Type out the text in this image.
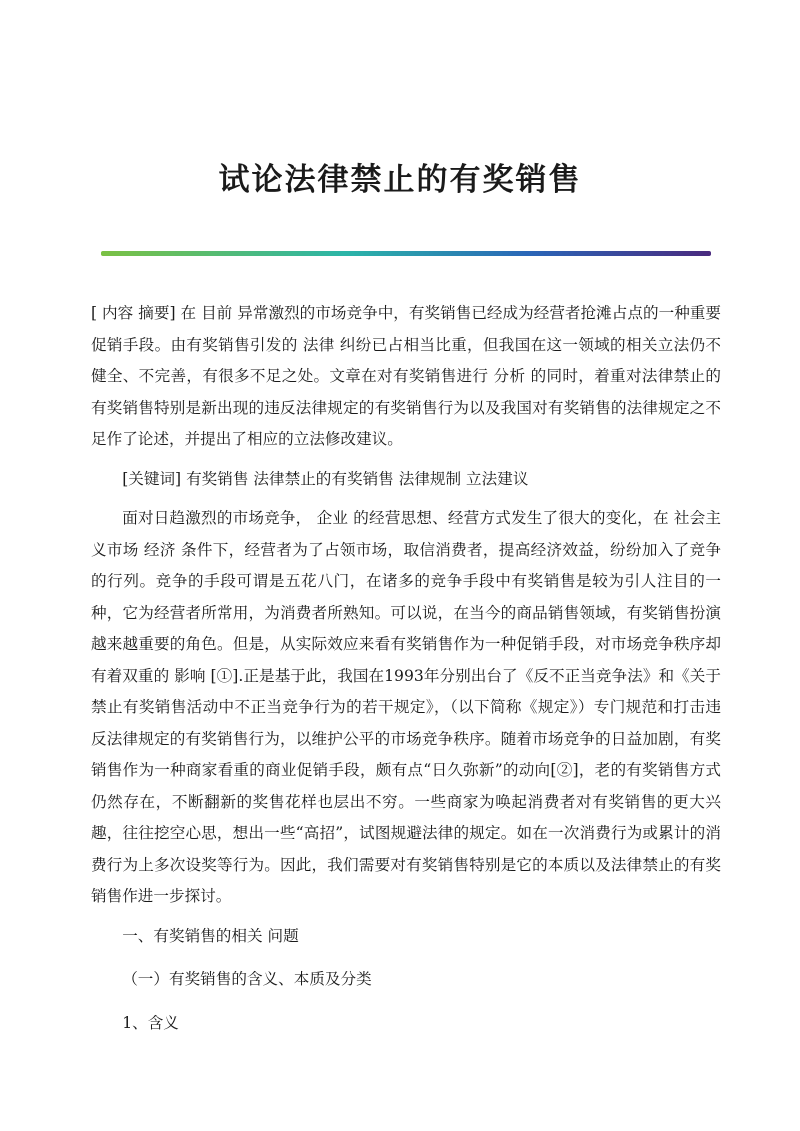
试论法律禁止的有奖销售

[ 内容 摘要] 在 目前 异常激烈的市场竞争中，有奖销售已经成为经营者抢滩占点的一种重要促销手段。由有奖销售引发的 法律 纠纷已占相当比重，但我国在这一领域的相关立法仍不健全、不完善，有很多不足之处。文章在对有奖销售进行 分析 的同时，着重对法律禁止的有奖销售特别是新出现的违反法律规定的有奖销售行为以及我国对有奖销售的法律规定之不足作了论述，并提出了相应的立法修改建议。

[关键词] 有奖销售 法律禁止的有奖销售 法律规制 立法建议

面对日趋激烈的市场竞争， 企业 的经营思想、经营方式发生了很大的变化，在 社会主义市场 经济 条件下，经营者为了占领市场，取信消费者，提高经济效益，纷纷加入了竞争的行列。竞争的手段可谓是五花八门，在诸多的竞争手段中有奖销售是较为引人注目的一种，它为经营者所常用，为消费者所熟知。可以说，在当今的商品销售领域，有奖销售扮演越来越重要的角色。但是，从实际效应来看有奖销售作为一种促销手段，对市场竞争秩序却有着双重的 影响 [①].正是基于此，我国在1993年分别出台了《反不正当竞争法》和《关于禁止有奖销售活动中不正当竞争行为的若干规定》，（以下简称《规定》）专门规范和打击违反法律规定的有奖销售行为，以维护公平的市场竞争秩序。随着市场竞争的日益加剧，有奖销售作为一种商家看重的商业促销手段，颇有点“日久弥新”的动向[②]，老的有奖销售方式仍然存在，不断翻新的奖售花样也层出不穷。一些商家为唤起消费者对有奖销售的更大兴趣，往往挖空心思，想出一些“高招”，试图规避法律的规定。如在一次消费行为或累计的消费行为上多次设奖等行为。因此，我们需要对有奖销售特别是它的本质以及法律禁止的有奖销售作进一步探讨。

一、有奖销售的相关 问题

（一）有奖销售的含义、本质及分类

1、含义
